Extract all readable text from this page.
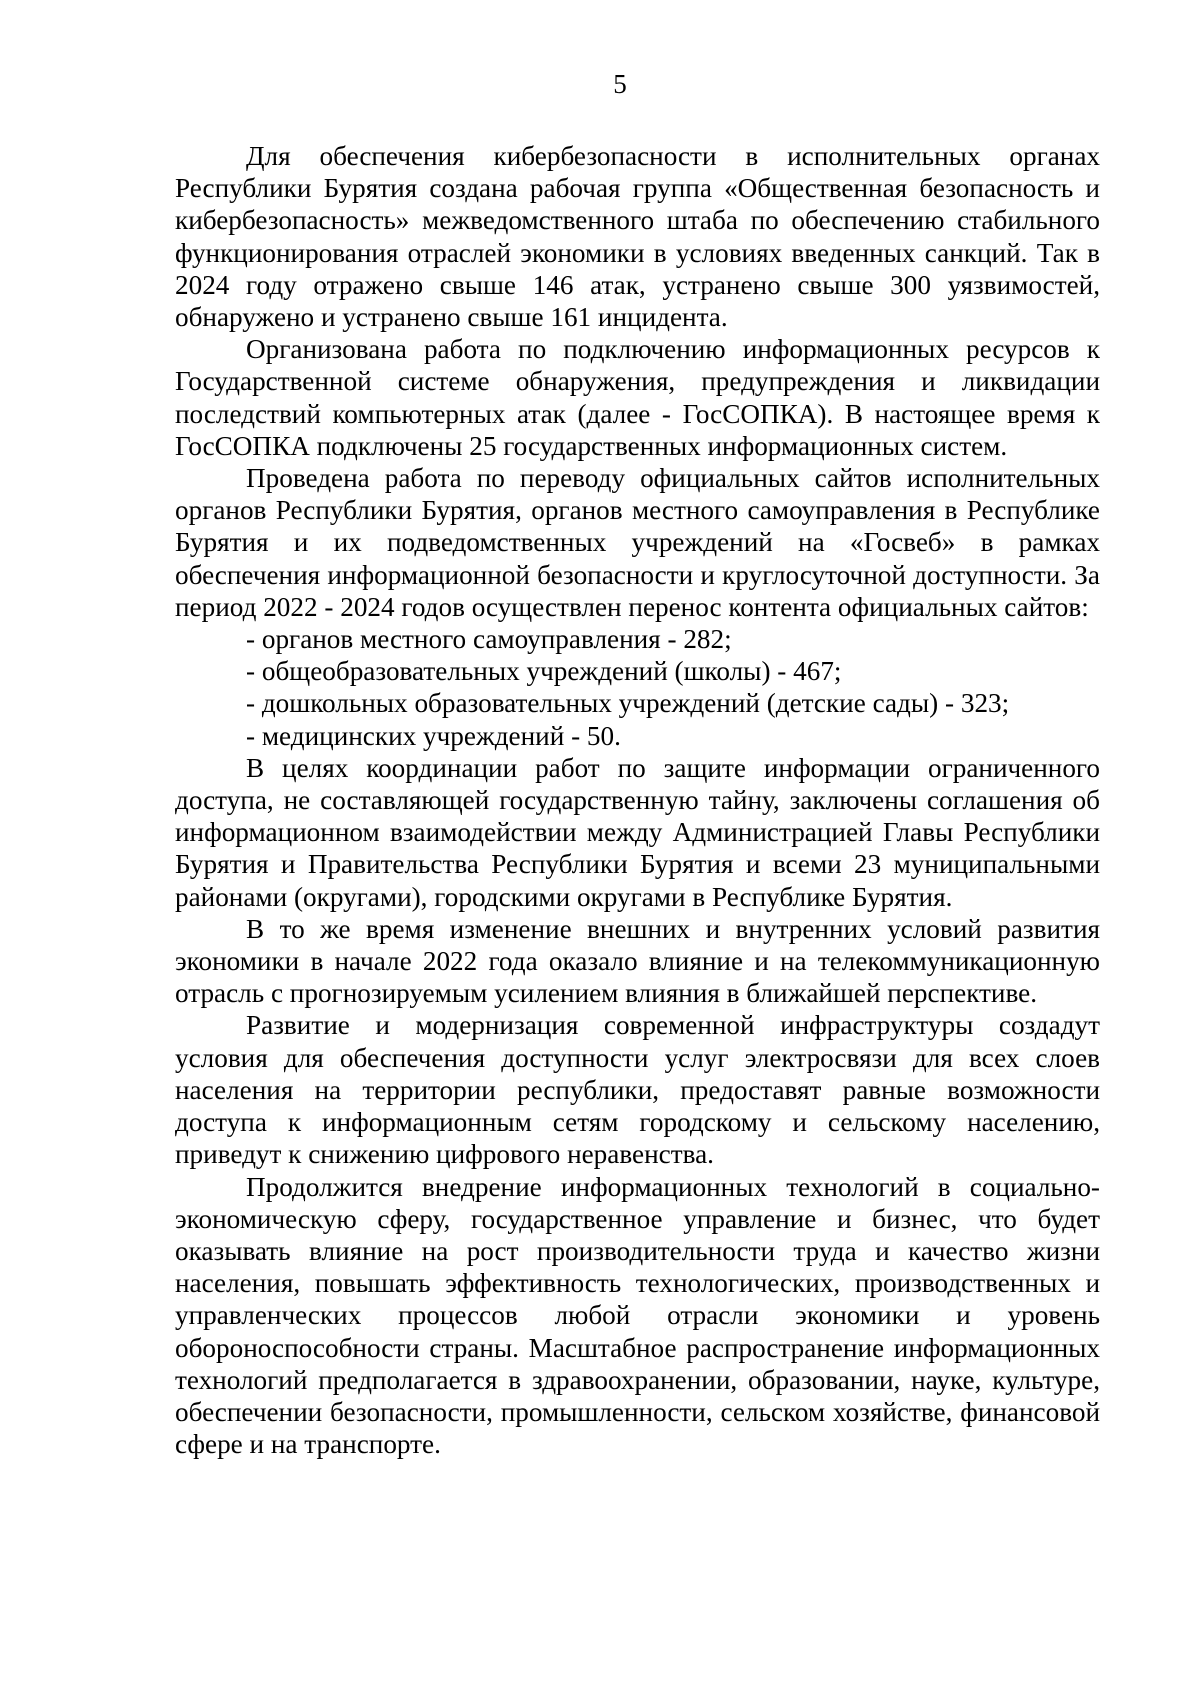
5

Для обеспечения кибербезопасности в исполнительных органах Республики Бурятия создана рабочая группа «Общественная безопасность и кибербезопасность» межведомственного штаба по обеспечению стабильного функционирования отраслей экономики в условиях введенных санкций. Так в 2024 году отражено свыше 146 атак, устранено свыше 300 уязвимостей, обнаружено и устранено свыше 161 инцидента.

Организована работа по подключению информационных ресурсов к Государственной системе обнаружения, предупреждения и ликвидации последствий компьютерных атак (далее - ГосСОПКА). В настоящее время к ГосСОПКА подключены 25 государственных информационных систем.

Проведена работа по переводу официальных сайтов исполнительных органов Республики Бурятия, органов местного самоуправления в Республике Бурятия и их подведомственных учреждений на «Госвеб» в рамках обеспечения информационной безопасности и круглосуточной доступности. За период 2022 - 2024 годов осуществлен перенос контента официальных сайтов:

- органов местного самоуправления - 282;
- общеобразовательных учреждений (школы) - 467;
- дошкольных образовательных учреждений (детские сады) - 323;
- медицинских учреждений - 50.

В целях координации работ по защите информации ограниченного доступа, не составляющей государственную тайну, заключены соглашения об информационном взаимодействии между Администрацией Главы Республики Бурятия и Правительства Республики Бурятия и всеми 23 муниципальными районами (округами), городскими округами в Республике Бурятия.

В то же время изменение внешних и внутренних условий развития экономики в начале 2022 года оказало влияние и на телекоммуникационную отрасль с прогнозируемым усилением влияния в ближайшей перспективе.

Развитие и модернизация современной инфраструктуры создадут условия для обеспечения доступности услуг электросвязи для всех слоев населения на территории республики, предоставят равные возможности доступа к информационным сетям городскому и сельскому населению, приведут к снижению цифрового неравенства.

Продолжится внедрение информационных технологий в социально-экономическую сферу, государственное управление и бизнес, что будет оказывать влияние на рост производительности труда и качество жизни населения, повышать эффективность технологических, производственных и управленческих процессов любой отрасли экономики и уровень обороноспособности страны. Масштабное распространение информационных технологий предполагается в здравоохранении, образовании, науке, культуре, обеспечении безопасности, промышленности, сельском хозяйстве, финансовой сфере и на транспорте.
